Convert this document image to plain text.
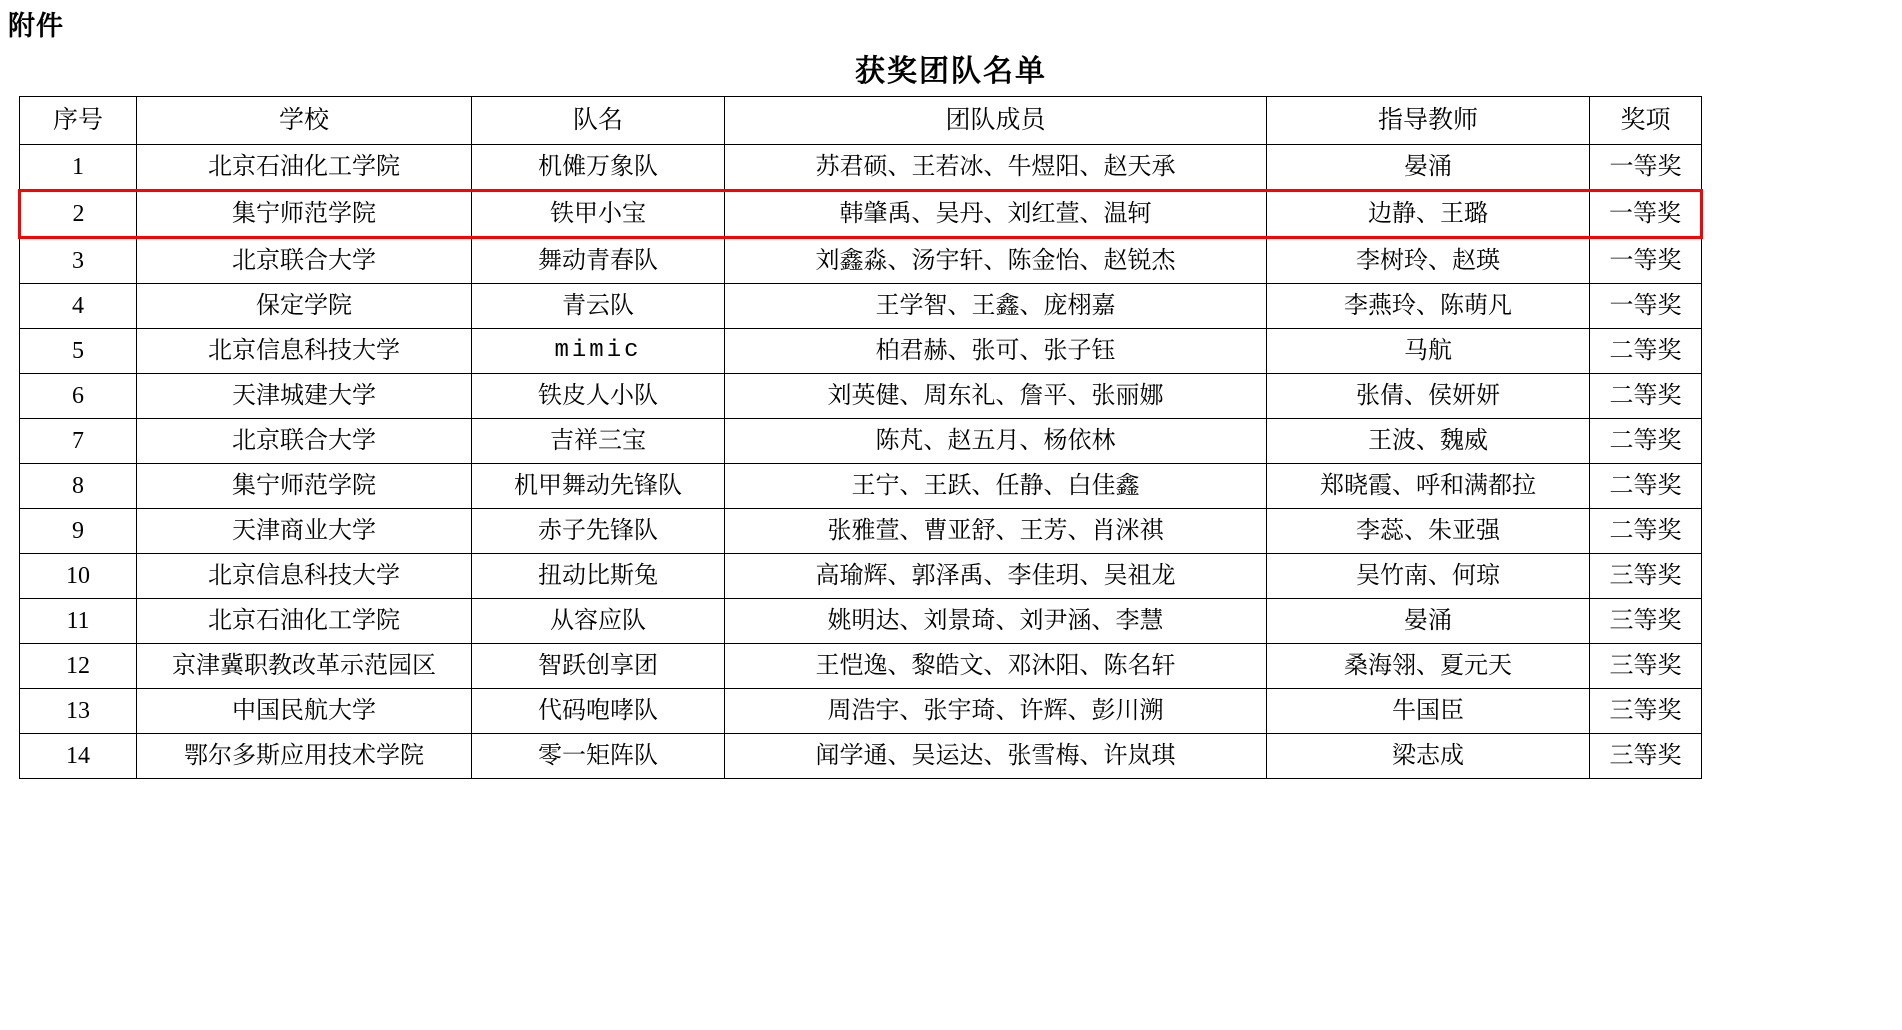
附件
获奖团队名单
序号	学校	队名	团队成员	指导教师	奖项
1	北京石油化工学院	机傩万象队	苏君硕、王若冰、牛煜阳、赵天承	晏涌	一等奖
2	集宁师范学院	铁甲小宝	韩肇禹、吴丹、刘红萱、温轲	边静、王璐	一等奖
3	北京联合大学	舞动青春队	刘鑫淼、汤宇轩、陈金怡、赵锐杰	李树玲、赵瑛	一等奖
4	保定学院	青云队	王学智、王鑫、庞栩嘉	李燕玲、陈萌凡	一等奖
5	北京信息科技大学	mimic	柏君赫、张可、张子钰	马航	二等奖
6	天津城建大学	铁皮人小队	刘英健、周东礼、詹平、张丽娜	张倩、侯妍妍	二等奖
7	北京联合大学	吉祥三宝	陈芃、赵五月、杨依林	王波、魏威	二等奖
8	集宁师范学院	机甲舞动先锋队	王宁、王跃、任静、白佳鑫	郑晓霞、呼和满都拉	二等奖
9	天津商业大学	赤子先锋队	张雅萱、曹亚舒、王芳、肖洣祺	李蕊、朱亚强	二等奖
10	北京信息科技大学	扭动比斯兔	高瑜辉、郭泽禹、李佳玥、吴祖龙	吴竹南、何琼	三等奖
11	北京石油化工学院	从容应队	姚明达、刘景琦、刘尹涵、李慧	晏涌	三等奖
12	京津冀职教改革示范园区	智跃创享团	王恺逸、黎皓文、邓沐阳、陈名轩	桑海翎、夏元天	三等奖
13	中国民航大学	代码咆哮队	周浩宇、张宇琦、许辉、彭川溯	牛国臣	三等奖
14	鄂尔多斯应用技术学院	零一矩阵队	闻学通、吴运达、张雪梅、许岚琪	梁志成	三等奖
